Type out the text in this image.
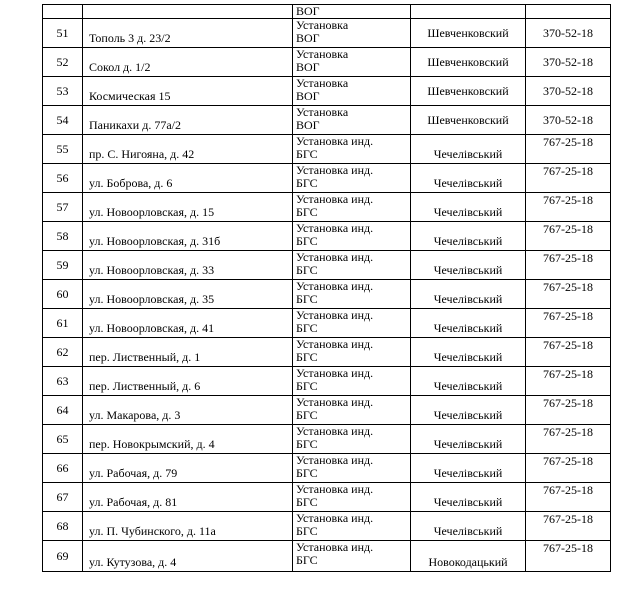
		ВОГ		

51	Тополь 3 д. 23/2	Установка
ВОГ	Шевченковский	370-52-18
52	Сокол д. 1/2	Установка
ВОГ	Шевченковский	370-52-18
53	Космическая 15	Установка
ВОГ	Шевченковский	370-52-18
54	Паникахи д. 77а/2	Установка
ВОГ	Шевченковский	370-52-18
55	пр. С. Нигояна, д. 42	Установка инд.
БГС	Чечелівський	767-25-18
56	ул. Боброва, д. 6	Установка инд.
БГС	Чечелівський	767-25-18
57	ул. Новоорловская, д. 15	Установка инд.
БГС	Чечелівський	767-25-18
58	ул. Новоорловская, д. 31б	Установка инд.
БГС	Чечелівський	767-25-18
59	ул. Новоорловская, д. 33	Установка инд.
БГС	Чечелівський	767-25-18
60	ул. Новоорловская, д. 35	Установка инд.
БГС	Чечелівський	767-25-18
61	ул. Новоорловская, д. 41	Установка инд.
БГС	Чечелівський	767-25-18
62	пер. Лиственный, д. 1	Установка инд.
БГС	Чечелівський	767-25-18
63	пер. Лиственный, д. 6	Установка инд.
БГС	Чечелівський	767-25-18
64	ул. Макарова, д. 3	Установка инд.
БГС	Чечелівський	767-25-18
65	пер. Новокрымский, д. 4	Установка инд.
БГС	Чечелівський	767-25-18
66	ул. Рабочая, д. 79	Установка инд.
БГС	Чечелівський	767-25-18
67	ул. Рабочая, д. 81	Установка инд.
БГС	Чечелівський	767-25-18
68	ул. П. Чубинского, д. 11а	Установка инд.
БГС	Чечелівський	767-25-18
69	ул. Кутузова, д. 4	Установка инд.
БГС	Новокодацький	767-25-18
